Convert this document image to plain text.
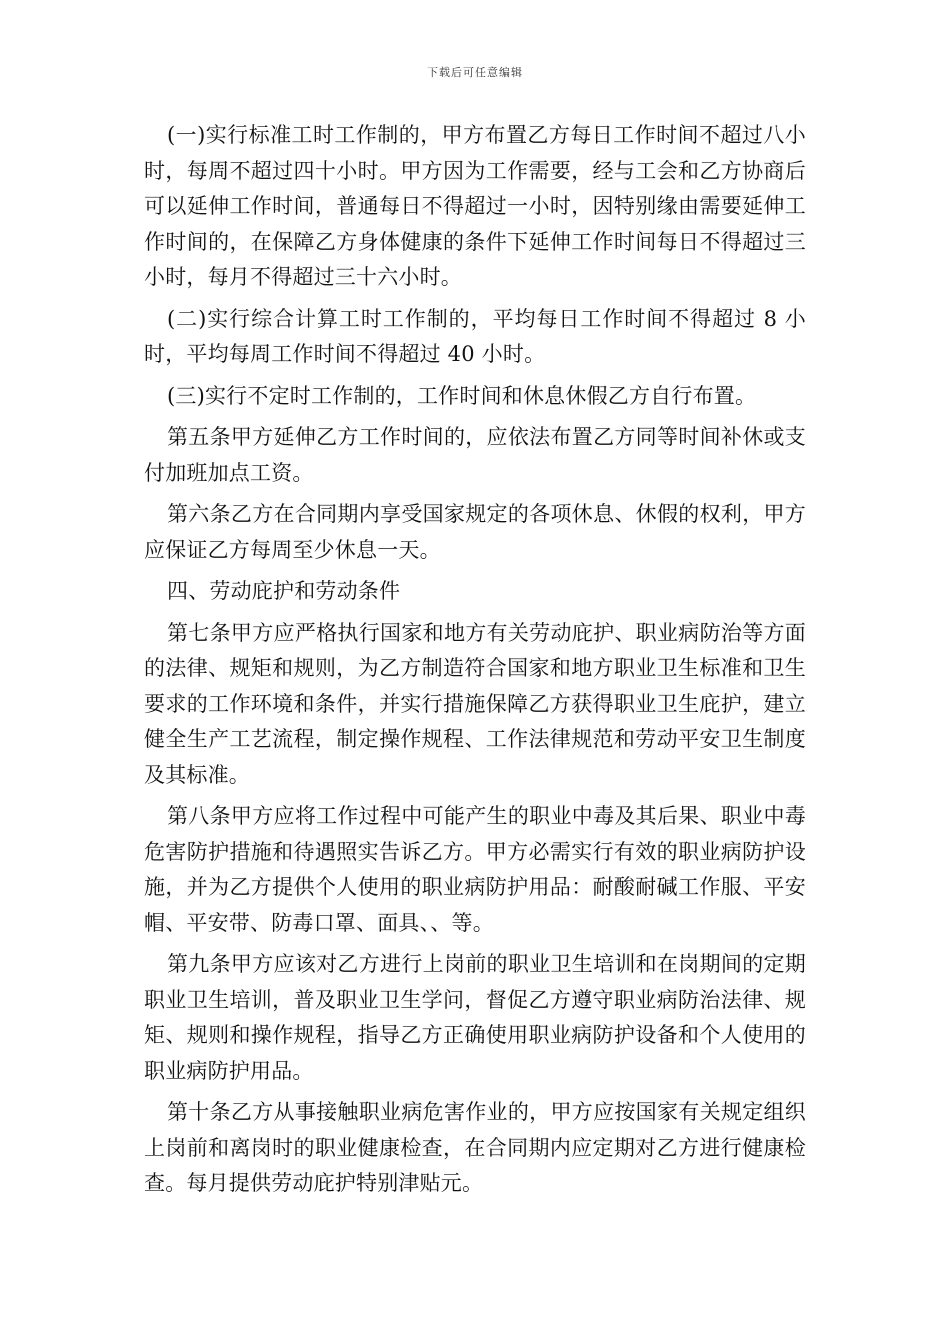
下载后可任意编辑

(一)实行标准工时工作制的，甲方布置乙方每日工作时间不超过八小时，每周不超过四十小时。甲方因为工作需要，经与工会和乙方协商后可以延伸工作时间，普通每日不得超过一小时，因特别缘由需要延伸工作时间的，在保障乙方身体健康的条件下延伸工作时间每日不得超过三小时，每月不得超过三十六小时。

(二)实行综合计算工时工作制的，平均每日工作时间不得超过 8 小时，平均每周工作时间不得超过 40 小时。

(三)实行不定时工作制的，工作时间和休息休假乙方自行布置。

第五条甲方延伸乙方工作时间的，应依法布置乙方同等时间补休或支付加班加点工资。

第六条乙方在合同期内享受国家规定的各项休息、休假的权利，甲方应保证乙方每周至少休息一天。

四、劳动庇护和劳动条件

第七条甲方应严格执行国家和地方有关劳动庇护、职业病防治等方面的法律、规矩和规则，为乙方制造符合国家和地方职业卫生标准和卫生要求的工作环境和条件，并实行措施保障乙方获得职业卫生庇护，建立健全生产工艺流程，制定操作规程、工作法律规范和劳动平安卫生制度及其标准。

第八条甲方应将工作过程中可能产生的职业中毒及其后果、职业中毒危害防护措施和待遇照实告诉乙方。甲方必需实行有效的职业病防护设施，并为乙方提供个人使用的职业病防护用品：耐酸耐碱工作服、平安帽、平安带、防毒口罩、面具、、等。

第九条甲方应该对乙方进行上岗前的职业卫生培训和在岗期间的定期职业卫生培训，普及职业卫生学问，督促乙方遵守职业病防治法律、规矩、规则和操作规程，指导乙方正确使用职业病防护设备和个人使用的职业病防护用品。

第十条乙方从事接触职业病危害作业的，甲方应按国家有关规定组织上岗前和离岗时的职业健康检查，在合同期内应定期对乙方进行健康检查。每月提供劳动庇护特别津贴元。
